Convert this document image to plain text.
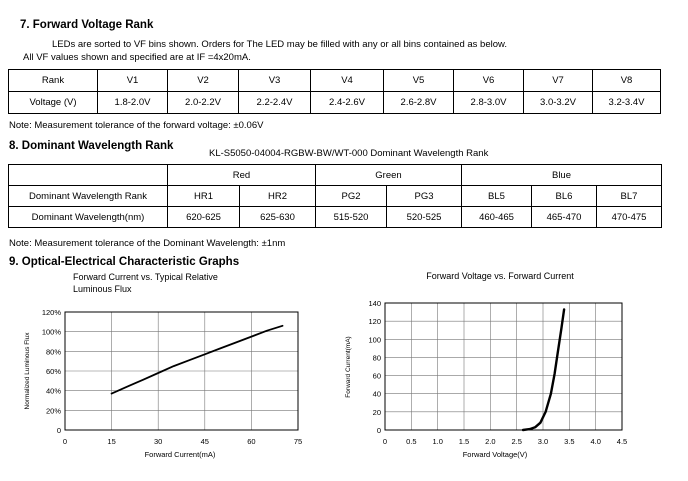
7. Forward Voltage Rank
LEDs are sorted to VF bins shown. Orders for The LED may be filled with any or all bins contained as below.
All VF values shown and specified are at IF =4x20mA.
Rank	V1	V2	V3	V4	V5	V6	V7	V8
Voltage (V)	1.8-2.0V	2.0-2.2V	2.2-2.4V	2.4-2.6V	2.6-2.8V	2.8-3.0V	3.0-3.2V	3.2-3.4V
Note: Measurement tolerance of the forward voltage: ±0.06V
8. Dominant Wavelength Rank
KL-S5050-04004-RGBW-BW/WT-000 Dominant Wavelength Rank
	Red		Green		Blue		
Dominant Wavelength Rank	HR1	HR2	PG2	PG3	BL5	BL6	BL7
Dominant Wavelength(nm)	620-625	625-630	515-520	520-525	460-465	465-470	470-475
Note: Measurement tolerance of the Dominant Wavelength: ±1nm
9. Optical-Electrical Characteristic Graphs
0	15	30	45	60	75
0
20%
40%
60%
80%
100%
120%
Forward Current vs. Typical Relative
Luminous Flux
Forward Current(mA)
Normalized Luminous Flux
0	0.5 1.0 1.5 2.0 2.5 3.0 3.5 4.0 4.5
0
20
40
60
80
100
120
140
Forward Voltage vs. Forward Current
Forward Voltage(V)
Forward Current(mA)
